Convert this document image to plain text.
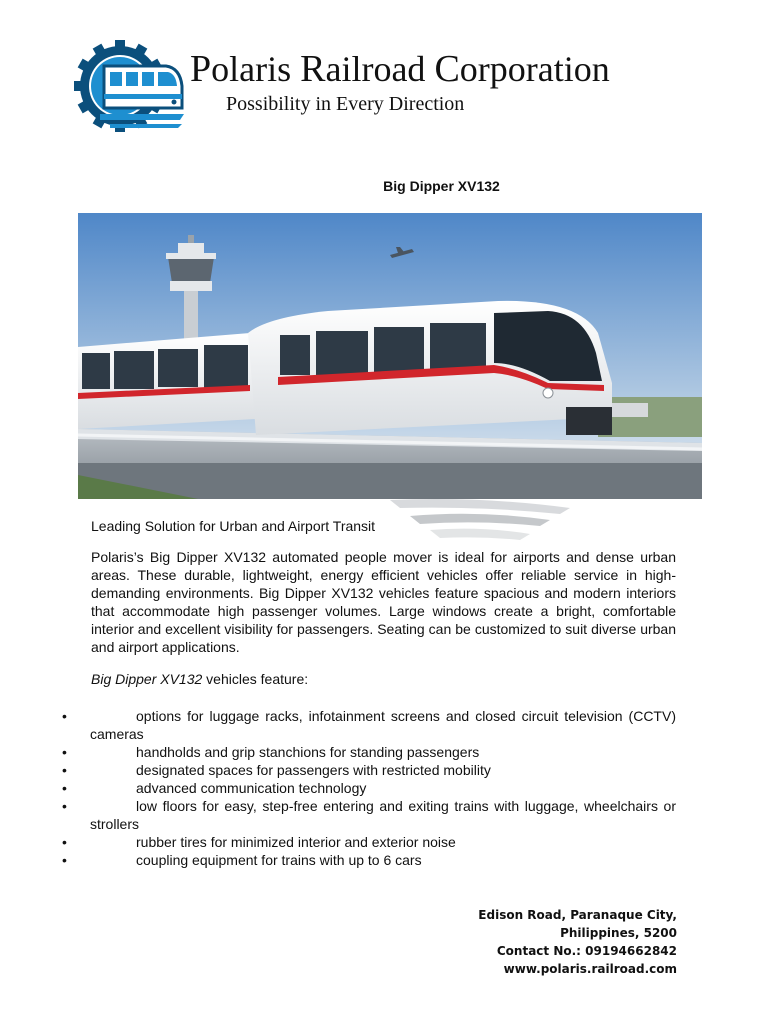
Polaris Railroad Corporation
Possibility in Every Direction
Big Dipper XV132
Leading Solution for Urban and Airport Transit
Polaris’s Big Dipper XV132 automated people mover is ideal for airports and dense urban areas. These durable, lightweight, energy efficient vehicles offer reliable service in high-demanding environments. Big Dipper XV132 vehicles feature spacious and modern interiors that accommodate high passenger volumes. Large windows create a bright, comfortable interior and excellent visibility for passengers. Seating can be customized to suit diverse urban and airport applications.
Big Dipper XV132 vehicles feature:
•	options for luggage racks, infotainment screens and closed circuit television (CCTV) cameras
•	handholds and grip stanchions for standing passengers
•	designated spaces for passengers with restricted mobility
•	advanced communication technology
•	low floors for easy, step-free entering and exiting trains with luggage, wheelchairs or strollers
•	rubber tires for minimized interior and exterior noise
•	coupling equipment for trains with up to 6 cars
Edison Road, Paranaque City,
Philippines, 5200
Contact No.: 09194662842
www.polaris.railroad.com
